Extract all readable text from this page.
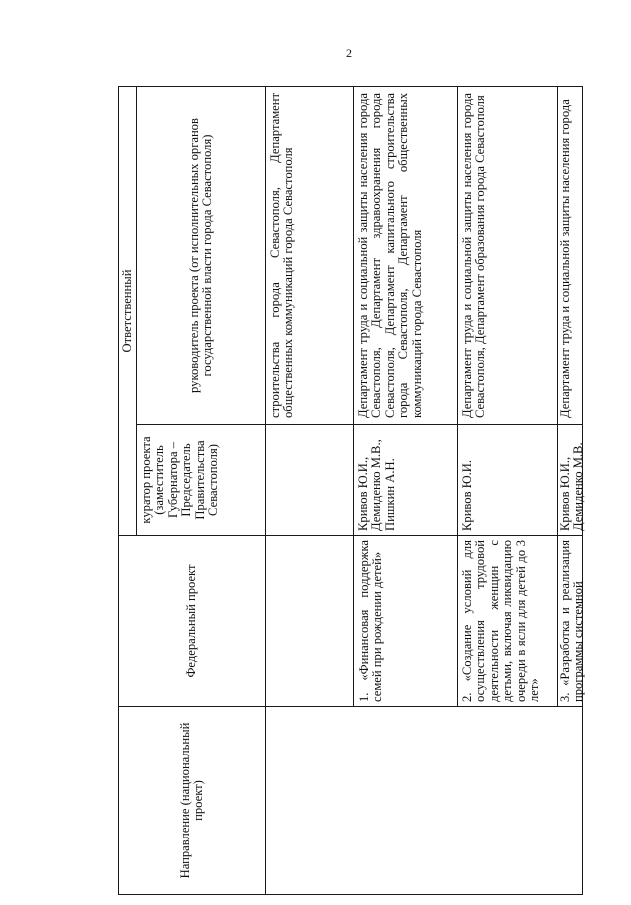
2
Направление (национальный проект)
Федеральный проект
Ответственный
куратор проекта (заместитель Губернатора – Председатель Правительства Севастополя)
руководитель проекта (от исполнительных органов государственной власти города Севастополя)	строительства города Севастополя, Департамент общественных коммуникаций города Севастополя
1. «Финансовая поддержка семей при рождении детей»
Кривов Ю.И., Демиденко М.В., Пишкин А.Н.
Департамент труда и социальной защиты населения города Севастополя, Департамент здравоохранения города Севастополя, Департамент капитального строительства города Севастополя, Департамент общественных коммуникаций города Севастополя
2. «Создание условий для осуществления трудовой деятельности женщин с детьми, включая ликвидацию очереди в ясли для детей до 3 лет»
Кривов Ю.И.
Департамент труда и социальной защиты населения города Севастополя, Департамент образования города Севастополя
3. «Разработка и реализация программы системной
Кривов Ю.И., Демиденко М.В.
Департамент труда и социальной защиты населения города
